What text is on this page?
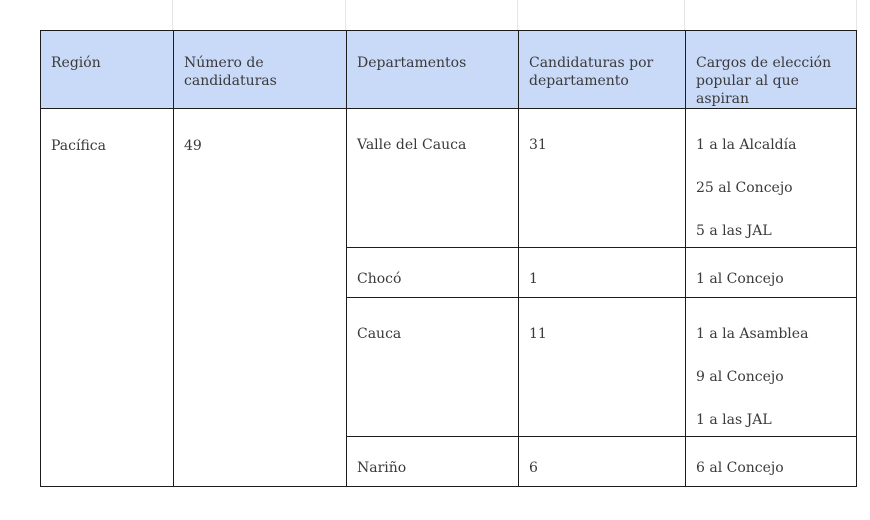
Región	Número de candidaturas	Departamentos	Candidaturas por departamento	Cargos de elección popular al que aspiran
Pacífica	49	Valle del Cauca	31	1 a la Alcaldía
25 al Concejo
5 a las JAL

		Chocó	1	1 al Concejo

		Cauca	11	1 a la Asamblea
9 al Concejo
1 a las JAL

		Nariño	6	6 al Concejo
